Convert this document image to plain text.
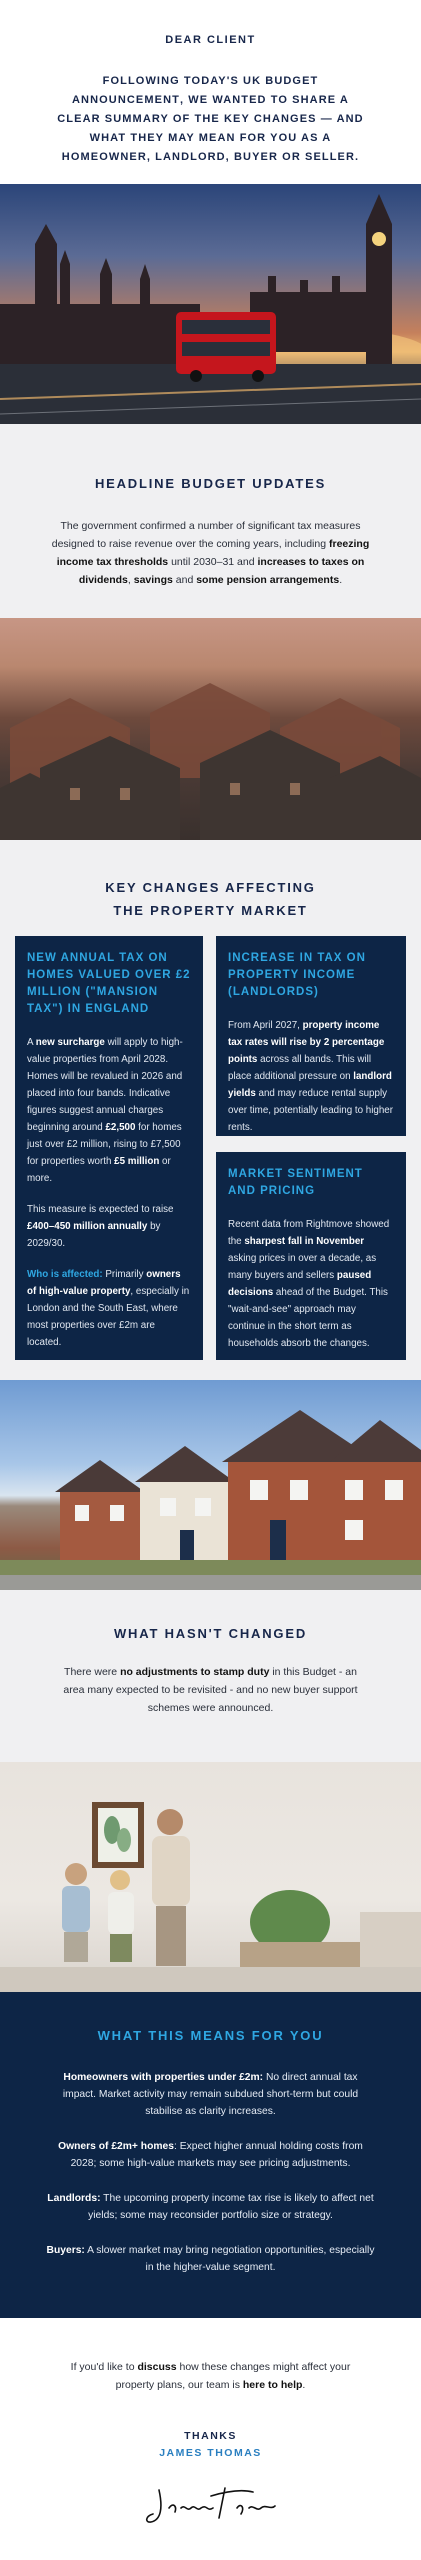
DEAR CLIENT
FOLLOWING TODAY'S UK BUDGET ANNOUNCEMENT, WE WANTED TO SHARE A CLEAR SUMMARY OF THE KEY CHANGES — AND WHAT THEY MAY MEAN FOR YOU AS A HOMEOWNER, LANDLORD, BUYER OR SELLER.
HEADLINE BUDGET UPDATES
The government confirmed a number of significant tax measures designed to raise revenue over the coming years, including freezing income tax thresholds until 2030–31 and increases to taxes on dividends, savings and some pension arrangements.
KEY CHANGES AFFECTING
THE PROPERTY MARKET
NEW ANNUAL TAX ON HOMES VALUED OVER £2 MILLION ("MANSION TAX") IN ENGLAND

A new surcharge will apply to high-value properties from April 2028. Homes will be revalued in 2026 and placed into four bands. Indicative figures suggest annual charges beginning around £2,500 for homes just over £2 million, rising to £7,500 for properties worth £5 million or more.

This measure is expected to raise £400–450 million annually by 2029/30.

Who is affected: Primarily owners of high-value property, especially in London and the South East, where most properties over £2m are located.

INCREASE IN TAX ON PROPERTY INCOME (LANDLORDS)

From April 2027, property income tax rates will rise by 2 percentage points across all bands. This will place additional pressure on landlord yields and may reduce rental supply over time, potentially leading to higher rents.

MARKET SENTIMENT AND PRICING

Recent data from Rightmove showed the sharpest fall in November asking prices in over a decade, as many buyers and sellers paused decisions ahead of the Budget. This "wait-and-see" approach may continue in the short term as households absorb the changes.

WHAT HASN'T CHANGED
There were no adjustments to stamp duty in this Budget - an area many expected to be revisited - and no new buyer support schemes were announced.
WHAT THIS MEANS FOR YOU
Homeowners with properties under £2m: No direct annual tax impact. Market activity may remain subdued short-term but could stabilise as clarity increases.
Owners of £2m+ homes: Expect higher annual holding costs from 2028; some high-value markets may see pricing adjustments.
Landlords: The upcoming property income tax rise is likely to affect net yields; some may reconsider portfolio size or strategy.
Buyers: A slower market may bring negotiation opportunities, especially in the higher-value segment.
If you'd like to discuss how these changes might affect your property plans, our team is here to help.
THANKS
JAMES THOMAS
